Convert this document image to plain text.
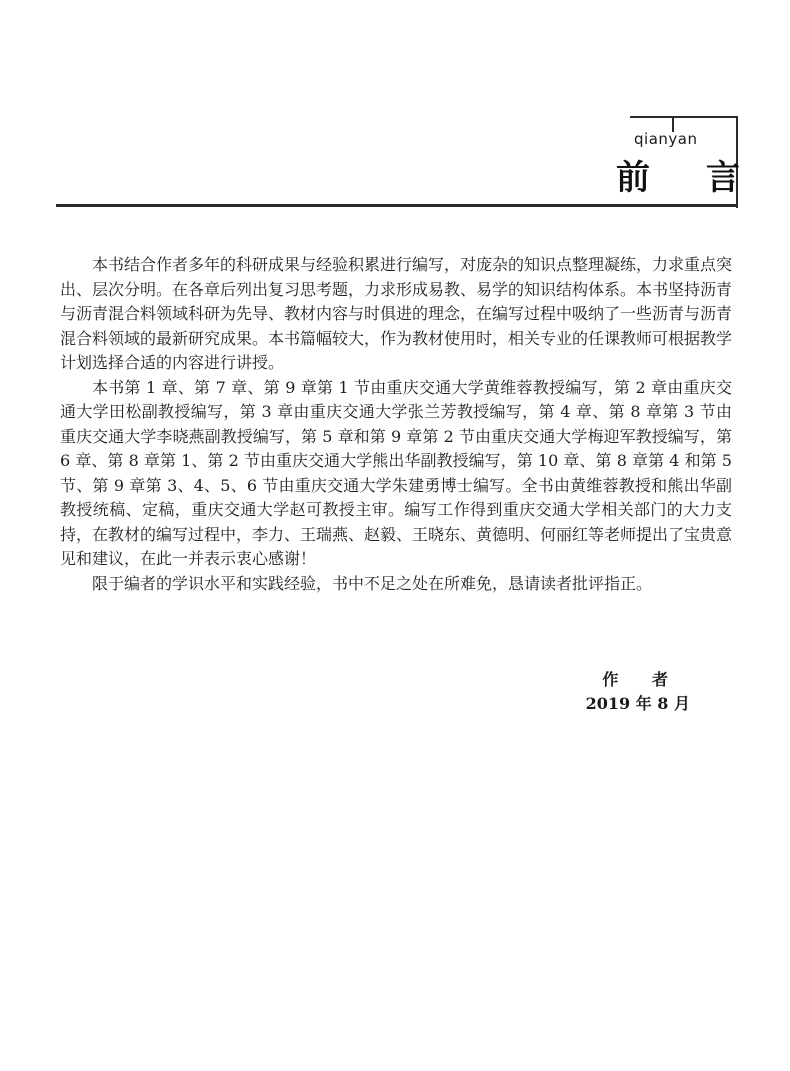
qianyan
前 言

本书结合作者多年的科研成果与经验积累进行编写，对庞杂的知识点整理凝练，力求重点突出、层次分明。在各章后列出复习思考题，力求形成易教、易学的知识结构体系。本书坚持沥青与沥青混合料领域科研为先导、教材内容与时俱进的理念，在编写过程中吸纳了一些沥青与沥青混合料领域的最新研究成果。本书篇幅较大，作为教材使用时，相关专业的任课教师可根据教学计划选择合适的内容进行讲授。

本书第 1 章、第 7 章、第 9 章第 1 节由重庆交通大学黄维蓉教授编写，第 2 章由重庆交通大学田松副教授编写，第 3 章由重庆交通大学张兰芳教授编写，第 4 章、第 8 章第 3 节由重庆交通大学李晓燕副教授编写，第 5 章和第 9 章第 2 节由重庆交通大学梅迎军教授编写，第 6 章、第 8 章第 1、第 2 节由重庆交通大学熊出华副教授编写，第 10 章、第 8 章第 4 和第 5 节、第 9 章第 3、4、5、6 节由重庆交通大学朱建勇博士编写。全书由黄维蓉教授和熊出华副教授统稿、定稿，重庆交通大学赵可教授主审。编写工作得到重庆交通大学相关部门的大力支持，在教材的编写过程中，李力、王瑞燕、赵毅、王晓东、黄德明、何丽红等老师提出了宝贵意见和建议，在此一并表示衷心感谢！

限于编者的学识水平和实践经验，书中不足之处在所难免，恳请读者批评指正。

作 者
2019 年 8 月
